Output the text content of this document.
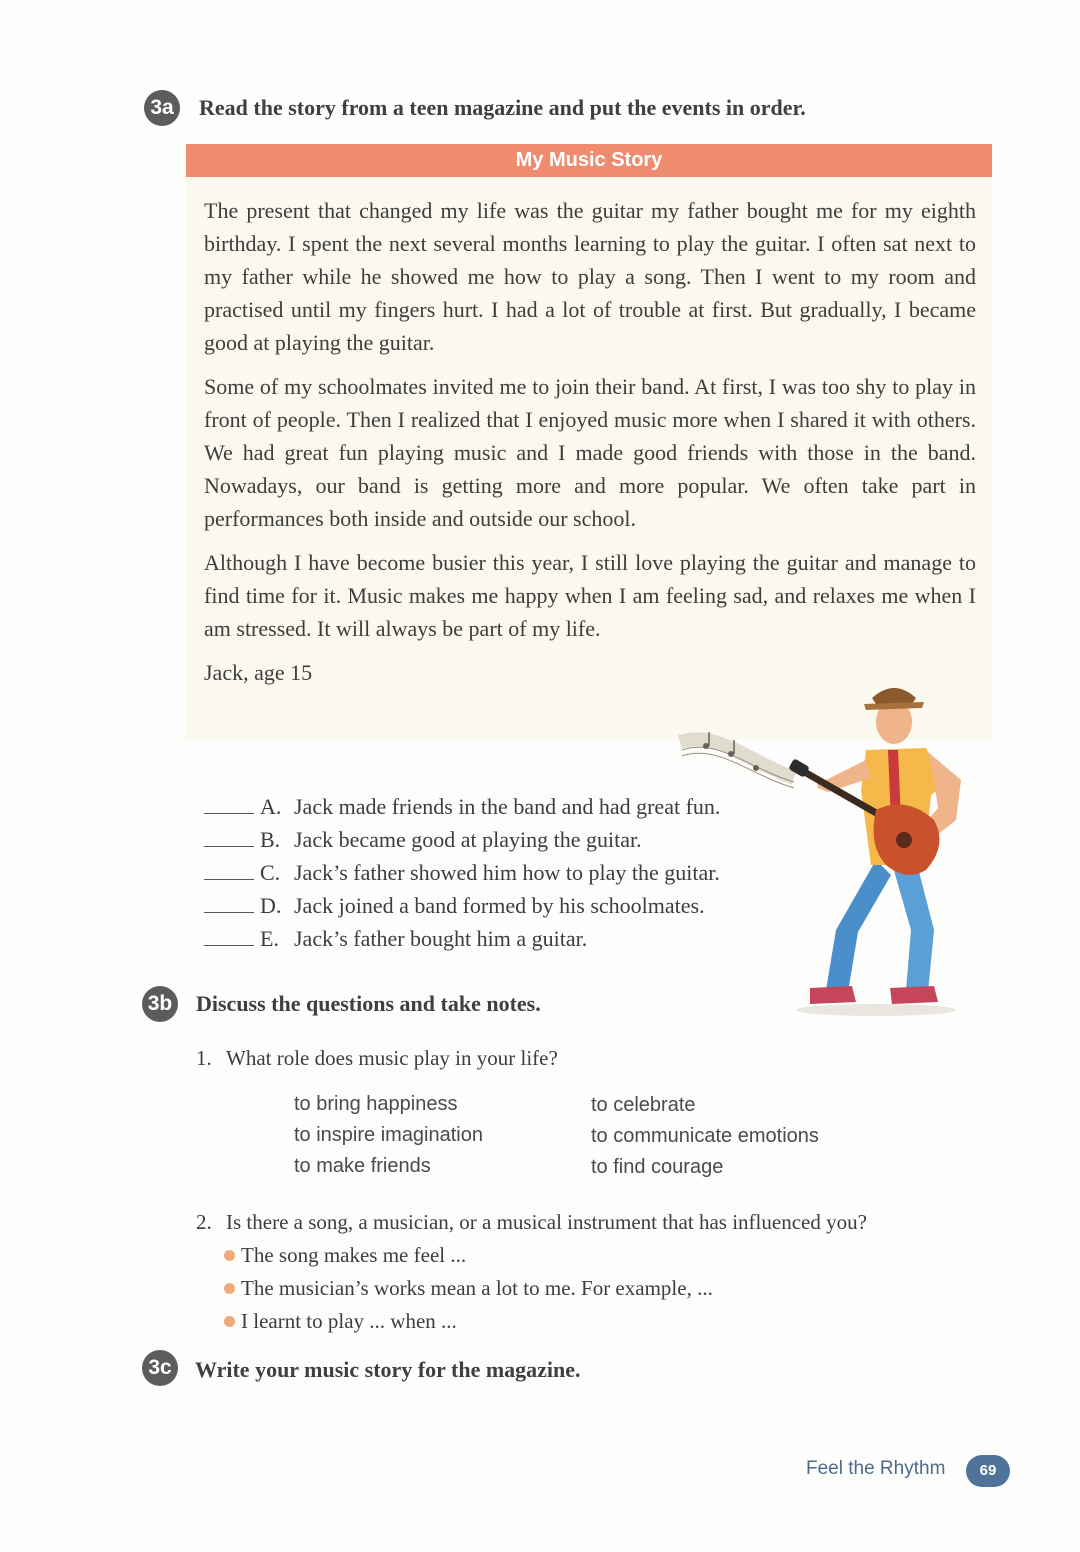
3a Read the story from a teen magazine and put the events in order.
My Music Story

The present that changed my life was the guitar my father bought me for my eighth birthday. I spent the next several months learning to play the guitar. I often sat next to my father while he showed me how to play a song. Then I went to my room and practised until my fingers hurt. I had a lot of trouble at first. But gradually, I became good at playing the guitar.

Some of my schoolmates invited me to join their band. At first, I was too shy to play in front of people. Then I realized that I enjoyed music more when I shared it with others. We had great fun playing music and I made good friends with those in the band. Nowadays, our band is getting more and more popular. We often take part in performances both inside and outside our school.

Although I have become busier this year, I still love playing the guitar and manage to find time for it. Music makes me happy when I am feeling sad, and relaxes me when I am stressed. It will always be part of my life.

Jack, age 15

A. Jack made friends in the band and had great fun.
B. Jack became good at playing the guitar.
C. Jack’s father showed him how to play the guitar.
D. Jack joined a band formed by his schoolmates.
E. Jack’s father bought him a guitar.
3b Discuss the questions and take notes.
1. What role does music play in your life?
to bring happiness
to inspire imagination
to make friends
to celebrate
to communicate emotions
to find courage
2. Is there a song, a musician, or a musical instrument that has influenced you?
The song makes me feel ...
The musician’s works mean a lot to me. For example, ...
I learnt to play ... when ...
3c Write your music story for the magazine.
Feel the Rhythm	69
